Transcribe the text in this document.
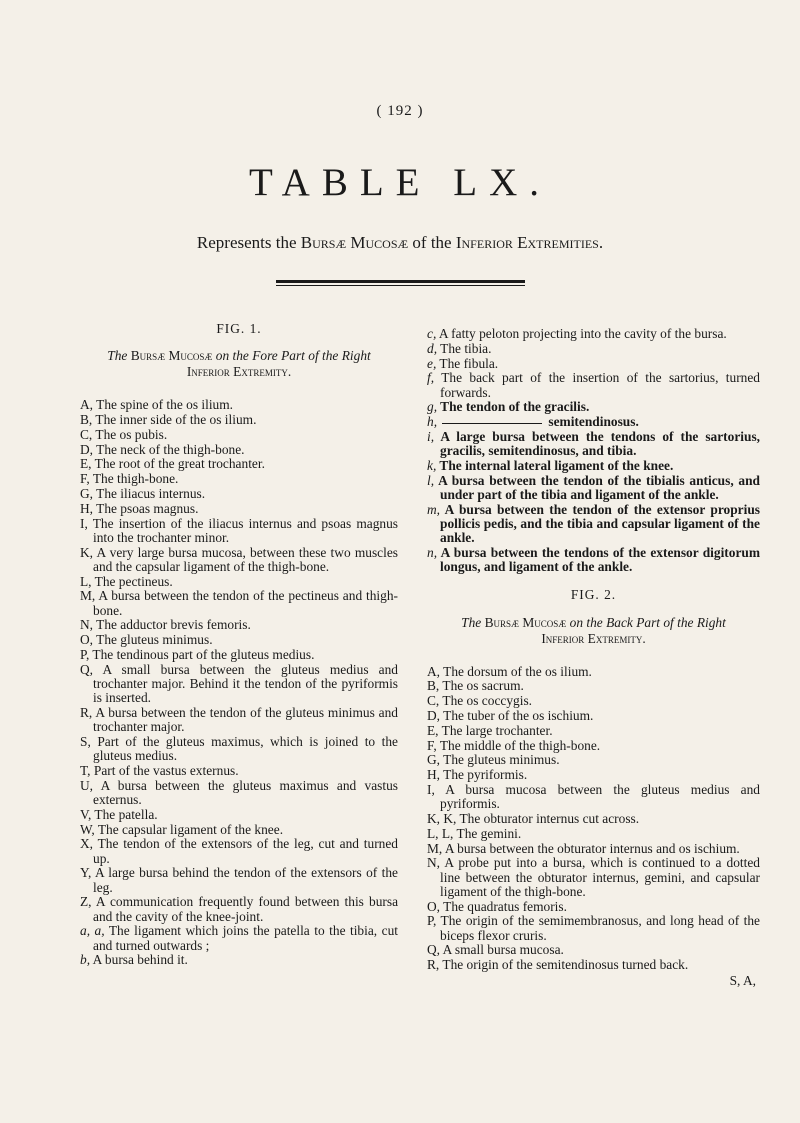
( 192 )
TABLE LX.
Represents the Bursæ Mucosæ of the Inferior Extremities.
FIG. 1.
The Bursæ Mucosæ on the Fore Part of the Right
Inferior Extremity.
A, The spine of the os ilium.
B, The inner side of the os ilium.
C, The os pubis.
D, The neck of the thigh-bone.
E, The root of the great trochanter.
F, The thigh-bone.
G, The iliacus internus.
H, The psoas magnus.
I, The insertion of the iliacus internus and psoas magnus into the trochanter minor.
K, A very large bursa mucosa, between these two muscles and the capsular ligament of the thigh-bone.
L, The pectineus.
M, A bursa between the tendon of the pectineus and thigh-bone.
N, The adductor brevis femoris.
O, The gluteus minimus.
P, The tendinous part of the gluteus medius.
Q, A small bursa between the gluteus medius and trochanter major. Behind it the tendon of the pyriformis is inserted.
R, A bursa between the tendon of the gluteus minimus and trochanter major.
S, Part of the gluteus maximus, which is joined to the gluteus medius.
T, Part of the vastus externus.
U, A bursa between the gluteus maximus and vastus externus.
V, The patella.
W, The capsular ligament of the knee.
X, The tendon of the extensors of the leg, cut and turned up.
Y, A large bursa behind the tendon of the extensors of the leg.
Z, A communication frequently found between this bursa and the cavity of the knee-joint.
a, a, The ligament which joins the patella to the tibia, cut and turned outwards ;
b, A bursa behind it.
c, A fatty peloton projecting into the cavity of the bursa.
d, The tibia.
e, The fibula.
f, The back part of the insertion of the sartorius, turned forwards.
g, The tendon of the gracilis.
h,	semitendinosus.
i, A large bursa between the tendons of the sartorius, gracilis, semitendinosus, and tibia.
k, The internal lateral ligament of the knee.
l, A bursa between the tendon of the tibialis anticus, and under part of the tibia and ligament of the ankle.
m, A bursa between the tendon of the extensor proprius pollicis pedis, and the tibia and capsular ligament of the ankle.
n, A bursa between the tendons of the extensor digitorum longus, and ligament of the ankle.
FIG. 2.
The Bursæ Mucosæ on the Back Part of the Right
Inferior Extremity.
A, The dorsum of the os ilium.
B, The os sacrum.
C, The os coccygis.
D, The tuber of the os ischium.
E, The large trochanter.
F, The middle of the thigh-bone.
G, The gluteus minimus.
H, The pyriformis.
I, A bursa mucosa between the gluteus medius and pyriformis.
K, K, The obturator internus cut across.
L, L, The gemini.
M, A bursa between the obturator internus and os ischium.
N, A probe put into a bursa, which is continued to a dotted line between the obturator internus, gemini, and capsular ligament of the thigh-bone.
O, The quadratus femoris.
P, The origin of the semimembranosus, and long head of the biceps flexor cruris.
Q, A small bursa mucosa.
R, The origin of the semitendinosus turned back.
S, A,
